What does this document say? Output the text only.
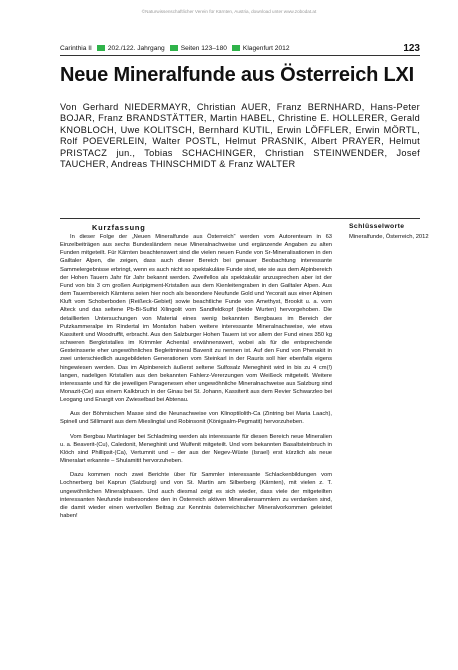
©Naturwissenschaftlicher Verein für Kärnten, Austria, download unter www.zobodat.at
Carinthia II 202./122. Jahrgang Seiten 123–180 Klagenfurt 2012	123
Neue Mineralfunde aus Österreich LXI
Von Gerhard NIEDERMAYR, Christian AUER, Franz BERNHARD, Hans-Peter BOJAR, Franz BRANDSTÄTTER, Martin HABEL, Christine E. HOLLERER, Gerald KNOBLOCH, Uwe KOLITSCH, Bernhard KUTIL, Erwin LÖFFLER, Erwin MÖRTL, Rolf POEVERLEIN, Walter POSTL, Helmut PRASNIK, Albert PRAYER, Helmut PRISTACZ jun., Tobias SCHACHINGER, Christian STEINWENDER, Josef TAUCHER, Andreas THINSCHMIDT & Franz WALTER
Kurzfassung

In dieser Folge der „Neuen Mineralfunde aus Österreich“ werden vom Autorenteam in 63 Einzelbeiträgen aus sechs Bundesländern neue Mineralnachweise und ergänzende Angaben zu alten Funden mitgeteilt. Für Kärnten beachtenswert sind die vielen neuen Funde von Sr-Mineralisationen in den Gailtaler Alpen, die zeigen, dass auch dieser Bereich bei genauer Beobachtung interessante Sammelergebnisse erbringt, wenn es auch nicht so spektakuläre Funde sind, wie sie aus dem Alpinbereich der Hohen Tauern Jahr für Jahr bekannt werden. Zweifellos als spektakulär anzusprechen aber ist der Fund von bis 3 cm großen Auripigment-Kristallen aus dem Kienleitengraben in den Gailtaler Alpen. Aus dem Tauernbereich Kärntens seien hier noch als besondere Neufunde Gold und Yecorait aus einer Alpinen Kluft vom Schoberboden (Reißeck-Gebiet) sowie beachtliche Funde von Amethyst, Brookit u. a. vom Alteck und das seltene Pb-Bi-Sulfid Xilingolit vom Sandfeldkopf (beide Wurten) hervorgehoben. Die detaillierten Untersuchungen von Material eines wenig bekannten Bergbaues im Bereich der Putzkammeralpe im Rindertal im Montafon haben weitere interessante Mineralnachweise, wie etwa Kassiterit und Woodruffit, erbracht. Aus den Salzburger Hohen Tauern ist vor allem der Fund eines 350 kg schweren Bergkristalles im Krimmler Achental erwähnenswert, wobei als für die entsprechende Gesteinsserie eher ungewöhnliches Begleitmineral Bavenit zu nennen ist. Auf den Fund von Phenakit in zwei unterschiedlich ausgebildeten Generationen vom Steinkarl in der Rauris soll hier ebenfalls eigens hingewiesen werden. Das im Alpinbereich äußerst seltene Sulfosalz Meneghinit wird in bis zu 4 cm(!) langen, nadeligen Kristallen aus den bekannten Fahlerz-Vererzungen vom Weißeck mitgeteilt. Weitere interessante und für die jeweiligen Paragenesen eher ungewöhnliche Mineralnachweise aus Salzburg sind Monazit-(Ce) aus einem Kalkbruch in der Ginau bei St. Johann, Kassiterit aus dem Revier Schwarzleo bei Leogang und Enargit von Zwieselbad bei Abtenau.

Aus der Böhmischen Masse sind die Neunachweise von Klinoptilolith-Ca (Zintring bei Maria Laach), Spinell und Sillimanit aus dem Mieslingtal und Robinsonit (Königsalm-Pegmatit) hervorzuheben.

Vom Bergbau Martinlager bei Schladming werden als interessante für diesen Bereich neue Mineralien u. a. Beaverit-(Cu), Caledonit, Meneghinit und Wulfenit mitgeteilt. Und vom bekannten Basaltsteinbruch in Klöch sind Phillipsit-(Ca), Vertumnit und – der aus der Negev-Wüste (Israel) erst kürzlich als neue Mineralart erkannte – Shulamitit hervorzuheben.

Dazu kommen noch zwei Berichte über für Sammler interessante Schlackenbildungen vom Lochnerberg bei Kaprun (Salzburg) und von St. Martin am Silberberg (Kärnten), mit vielen z. T. ungewöhnlichen Mineralphasen. Und auch diesmal zeigt es sich wieder, dass viele der mitgeteilten interessanten Neufunde insbesondere den in Österreich aktiven Mineraliensammlern zu verdanken sind, die damit wieder einen wertvollen Beitrag zur Kenntnis österreichischer Mineralvorkommen geleistet haben!

Schlüsselworte
Mineralfunde, Österreich, 2012
